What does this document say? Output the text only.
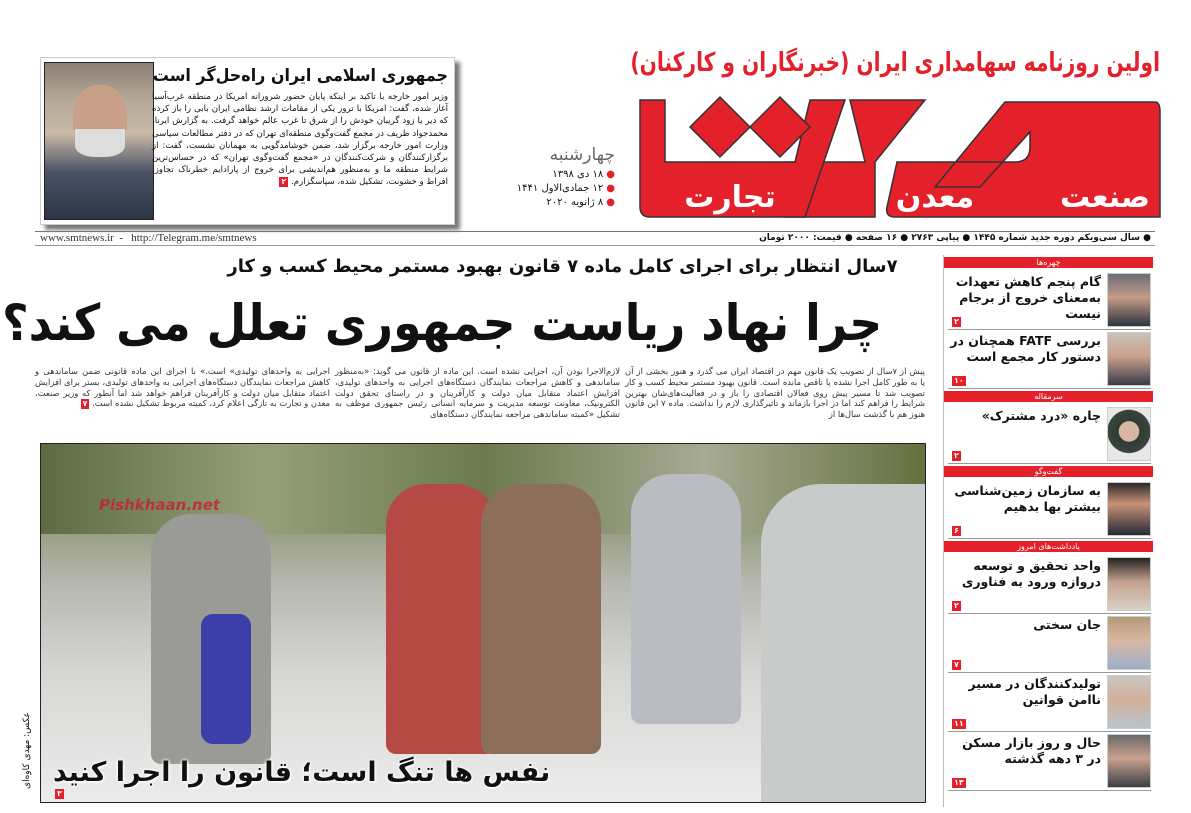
اولین روزنامه سهامداری ایران (خبرنگاران و کارکنان)
صنعت
معدن
تجارت
چهارشنبه
●۱۸ دی ۱۳۹۸
●۱۲ جمادی‌الاول ۱۴۴۱
●۸ ژانویه ۲۰۲۰
جمهوری اسلامی ایران راه‌حل‌گر است
وزیر امور خارجه با تاکید بر اینکه پایان حضور شرورانه امریکا در منطقه غرب‌آسیا آغاز شده، گفت: امریکا با ترور یکی از مقامات ارشد نظامی ایران بابی را باز کرده که دیر یا زود گریبان خودش را از شرق تا غرب عالم خواهد گرفت. به گزارش ایرنا، محمدجواد ظریف در مجمع گفت‌وگوی منطقه‌ای تهران که در دفتر مطالعات سیاسی وزارت امور خارجه برگزار شد، ضمن خوشامدگویی به مهمانان نشست، گفت: از برگزارکنندگان و شرکت‌کنندگان در «مجمع گفت‌وگوی تهران» که در حساس‌ترین شرایط منطقه ما و به‌منظور هم‌اندیشی برای خروج از پارادایم خطرناک تجاوز، افراط و خشونت، تشکیل شده، سپاسگزارم. ۲
www.smtnews.ir  -   http://Telegram.me/smtnews	● سال سی‌ویکم دوره جدید شماره ۱۴۴۵ ● پیاپی ۲۷۶۳ ● ۱۶ صفحه ● قیمت: ۲۰۰۰ تومان
۷سال انتظار برای اجرای کامل ماده ۷ قانون بهبود مستمر محیط کسب و کار
چرا نهاد ریاست جمهوری تعلل می کند؟
پیش از ۷سال از تصویب یک قانون مهم در اقتصاد ایران می گذرد و هنوز بخشی از آن یا به طور کامل اجرا نشده یا ناقص مانده است. قانون بهبود مستمر محیط کسب و کار تصویب شد تا مسیر پیش روی فعالان اقتصادی را باز و در فعالیت‌های‌شان بهترین شرایط را فراهم کند اما در اجرا بازماند و تاثیرگذاری لازم را نداشت. ماده ۷ این قانون هنوز هم با گذشت سال‌ها از
لازم‌الاجرا بودن آن، اجرایی نشده است. این ماده از قانون می گوید: «به‌منظور ساماندهی و کاهش مراجعات نمایندگان دستگاه‌های اجرایی به واحدهای تولیدی، افزایش اعتماد متقابل میان دولت و کارآفرینان و در راستای تحقق دولت الکترونیک، معاونت توسعه مدیریت و سرمایه انسانی رئیس جمهوری موظف به تشکیل «کمیته ساماندهی مراجعه نمایندگان دستگاه‌های
اجرایی به واحدهای تولیدی» است.» با اجرای این ماده قانونی ضمن ساماندهی و کاهش مراجعات نمایندگان دستگاه‌های اجرایی به واحدهای تولیدی، بستر برای افزایش اعتماد متقابل میان دولت و کارآفرینان فراهم خواهد شد اما آنطور که وزیر صنعت، معدن و تجارت به تازگی اعلام کرد، کمیته مربوط تشکیل نشده است. ۷
Pishkhaan.net
نفس ها تنگ است؛ قانون را اجرا کنید
۳
عکس: مهدی کاوه‌ای
چهره‌ها
گام پنجم کاهش تعهدات به‌معنای خروج از برجام نیست
۲
بررسی FATF همچنان در دستور کار مجمع است
۱۰
سرمقاله
چاره «درد مشترک»
۲
گفت‌وگو
به سازمان زمین‌شناسی بیشتر بها بدهیم
۶
یادداشت‌های امروز
واحد تحقیق و توسعه دروازه ورود به فناوری
۲
جان سختی
۷
تولیدکنندگان در مسیر ناامن قوانین
۱۱
حال و روز بازار مسکن در ۳ دهه گذشته
۱۳
